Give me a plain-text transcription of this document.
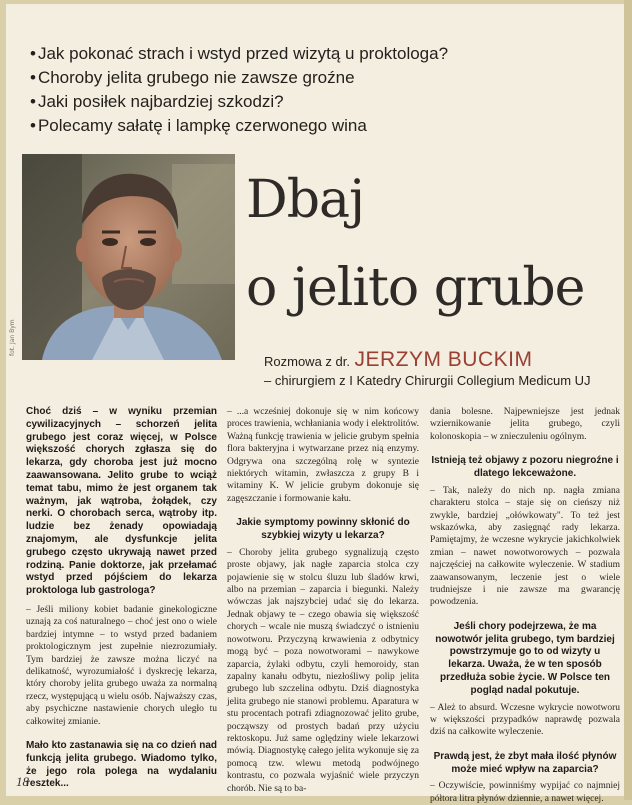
• Jak pokonać strach i wstyd przed wizytą u proktologa?
• Choroby jelita grubego nie zawsze groźne
• Jaki posiłek najbardziej szkodzi?
• Polecamy sałatę i lampkę czerwonego wina
fot. Jan Bym
Dbaj
o jelito grube
Rozmowa z dr. JERZYM BUCKIM
– chirurgiem z I Katedry Chirurgii Collegium Medicum UJ

Choć dziś – w wyniku przemian cywilizacyjnych – schorzeń jelita grubego jest coraz więcej, w Polsce większość chorych zgłasza się do lekarza, gdy choroba jest już mocno zaawansowana. Jelito grube to wciąż temat tabu, mimo że jest organem tak ważnym, jak wątroba, żołądek, czy nerki. O chorobach serca, wątroby itp. ludzie bez żenady opowiadają znajomym, ale dysfunkcje jelita grubego często ukrywają nawet przed rodziną. Panie doktorze, jak przełamać wstyd przed pójściem do lekarza proktologa lub gastrologa?

– Jeśli miliony kobiet badanie ginekologiczne uznają za coś naturalnego – choć jest ono o wiele bardziej intymne – to wstyd przed badaniem proktologicznym jest zupełnie niezrozumiały. Tym bardziej że zawsze można liczyć na delikatność, wyrozumiałość i dyskrecję lekarza, który choroby jelita grubego uważa za normalną rzecz, występującą u wielu osób. Najważszy czas, aby psychiczne nastawienie chorych uległo tu całkowitej zmianie.

Mało kto zastanawia się na co dzień nad funkcją jelita grubego. Wiadomo tylko, że jego rola polega na wydalaniu resztek...

– ...a wcześniej dokonuje się w nim końcowy proces trawienia, wchłaniania wody i elektrolitów. Ważną funkcję trawienia w jelicie grubym spełnia flora bakteryjna i wytwarzane przez nią enzymy. Odgrywa ona szczególną rolę w syntezie niektórych witamin, zwłaszcza z grupy B i witaminy K. W jelicie grubym dokonuje się zagęszczanie i formowanie kału.

Jakie symptomy powinny skłonić do szybkiej wizyty u lekarza?

– Choroby jelita grubego sygnalizują często proste objawy, jak nagłe zaparcia stolca czy pojawienie się w stolcu śluzu lub śladów krwi, albo na przemian – zaparcia i biegunki. Należy wówczas jak najszybciej udać się do lekarza. Jednak objawy te – czego obawia się większość chorych – wcale nie muszą świadczyć o istnieniu nowotworu. Przyczyną krwawienia z odbytnicy mogą być – poza nowotworami – nawykowe zaparcia, żylaki odbytu, czyli hemoroidy, stan zapalny kanału odbytu, niezłośliwy polip jelita grubego lub szczelina odbytu. Dziś diagnostyka jelita grubego nie stanowi problemu. Aparatura w stu procentach potrafi zdiagnozować jelito grube, począwszy od prostych badań przy użyciu rektoskopu. Już same oględziny wiele lekarzowi mówią. Diagnostykę całego jelita wykonuje się za pomocą tzw. wlewu metodą podwójnego kontrastu, co pozwala wyjaśnić wiele przyczyn chorób. Nie są to ba-

dania bolesne. Najpewniejsze jest jednak wziernikowanie jelita grubego, czyli kolonoskopia – w znieczuleniu ogólnym.

Istnieją też objawy z pozoru niegroźne i dlatego lekceważone.

– Tak, należy do nich np. nagła zmiana charakteru stolca – staje się on cieńszy niż zwykle, bardziej „ołówkowaty". To też jest wskazówka, aby zasięgnąć rady lekarza. Pamiętajmy, że wczesne wykrycie jakichkolwiek zmian – nawet nowotworowych – pozwala najczęściej na całkowite wyleczenie. W stadium zaawansowanym, leczenie jest o wiele trudniejsze i nie zawsze ma gwarancję powodzenia.

Jeśli chory podejrzewa, że ma nowotwór jelita grubego, tym bardziej powstrzymuje go to od wizyty u lekarza. Uważa, że w ten sposób przedłuża sobie życie. W Polsce ten pogląd nadal pokutuje.

– Ależ to absurd. Wczesne wykrycie nowotworu w większości przypadków naprawdę pozwala dziś na całkowite wyleczenie.

Prawdą jest, że zbyt mała ilość płynów może mieć wpływ na zaparcia?

– Oczywiście, powinniśmy wypijać co najmniej półtora litra płynów dziennie, a nawet więcej.

18
